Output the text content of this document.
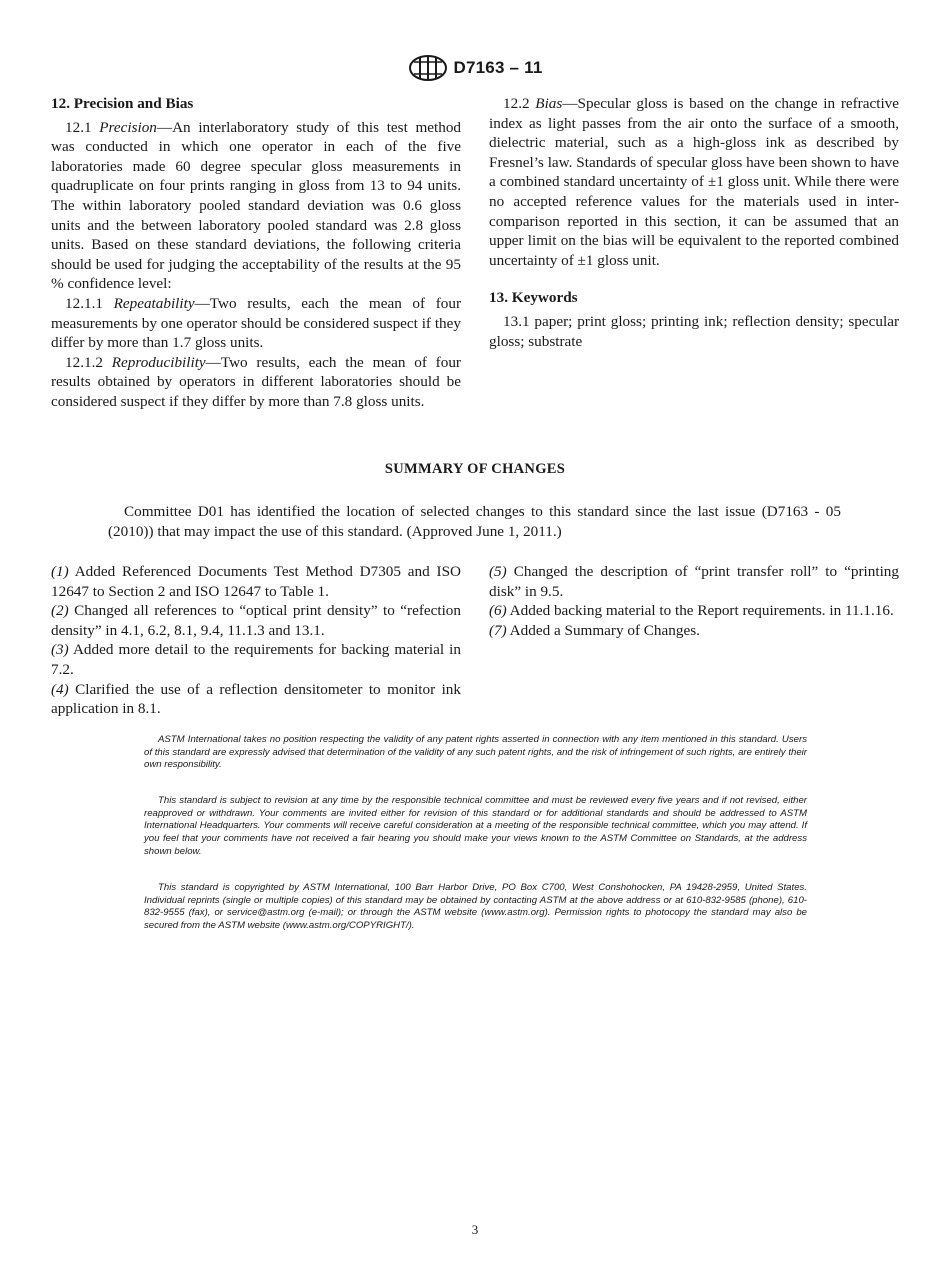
D7163 – 11

12. Precision and Bias

12.1 Precision—An interlaboratory study of this test method was conducted in which one operator in each of the five laboratories made 60 degree specular gloss measurements in quadruplicate on four prints ranging in gloss from 13 to 94 units. The within laboratory pooled standard deviation was 0.6 gloss units and the between laboratory pooled standard was 2.8 gloss units. Based on these standard deviations, the following criteria should be used for judging the acceptability of the results at the 95 % confidence level:

12.1.1 Repeatability—Two results, each the mean of four measurements by one operator should be considered suspect if they differ by more than 1.7 gloss units.

12.1.2 Reproducibility—Two results, each the mean of four results obtained by operators in different laboratories should be considered suspect if they differ by more than 7.8 gloss units.

12.2 Bias—Specular gloss is based on the change in refractive index as light passes from the air onto the surface of a smooth, dielectric material, such as a high-gloss ink as described by Fresnel’s law. Standards of specular gloss have been shown to have a combined standard uncertainty of ±1 gloss unit. While there were no accepted reference values for the materials used in inter-comparison reported in this section, it can be assumed that an upper limit on the bias will be equivalent to the reported combined uncertainty of ±1 gloss unit.

13. Keywords

13.1 paper; print gloss; printing ink; reflection density; specular gloss; substrate

SUMMARY OF CHANGES

Committee D01 has identified the location of selected changes to this standard since the last issue (D7163 - 05 (2010)) that may impact the use of this standard. (Approved June 1, 2011.)

(1) Added Referenced Documents Test Method D7305 and ISO 12647 to Section 2 and ISO 12647 to Table 1.

(2) Changed all references to “optical print density” to “refection density” in 4.1, 6.2, 8.1, 9.4, 11.1.3 and 13.1.

(3) Added more detail to the requirements for backing material in 7.2.

(4) Clarified the use of a reflection densitometer to monitor ink application in 8.1.

(5) Changed the description of “print transfer roll” to “printing disk” in 9.5.

(6) Added backing material to the Report requirements. in 11.1.16.

(7) Added a Summary of Changes.

ASTM International takes no position respecting the validity of any patent rights asserted in connection with any item mentioned in this standard. Users of this standard are expressly advised that determination of the validity of any such patent rights, and the risk of infringement of such rights, are entirely their own responsibility.

This standard is subject to revision at any time by the responsible technical committee and must be reviewed every five years and if not revised, either reapproved or withdrawn. Your comments are invited either for revision of this standard or for additional standards and should be addressed to ASTM International Headquarters. Your comments will receive careful consideration at a meeting of the responsible technical committee, which you may attend. If you feel that your comments have not received a fair hearing you should make your views known to the ASTM Committee on Standards, at the address shown below.

This standard is copyrighted by ASTM International, 100 Barr Harbor Drive, PO Box C700, West Conshohocken, PA 19428-2959, United States. Individual reprints (single or multiple copies) of this standard may be obtained by contacting ASTM at the above address or at 610-832-9585 (phone), 610-832-9555 (fax), or service@astm.org (e-mail); or through the ASTM website (www.astm.org). Permission rights to photocopy the standard may also be secured from the ASTM website (www.astm.org/COPYRIGHT/).

3
